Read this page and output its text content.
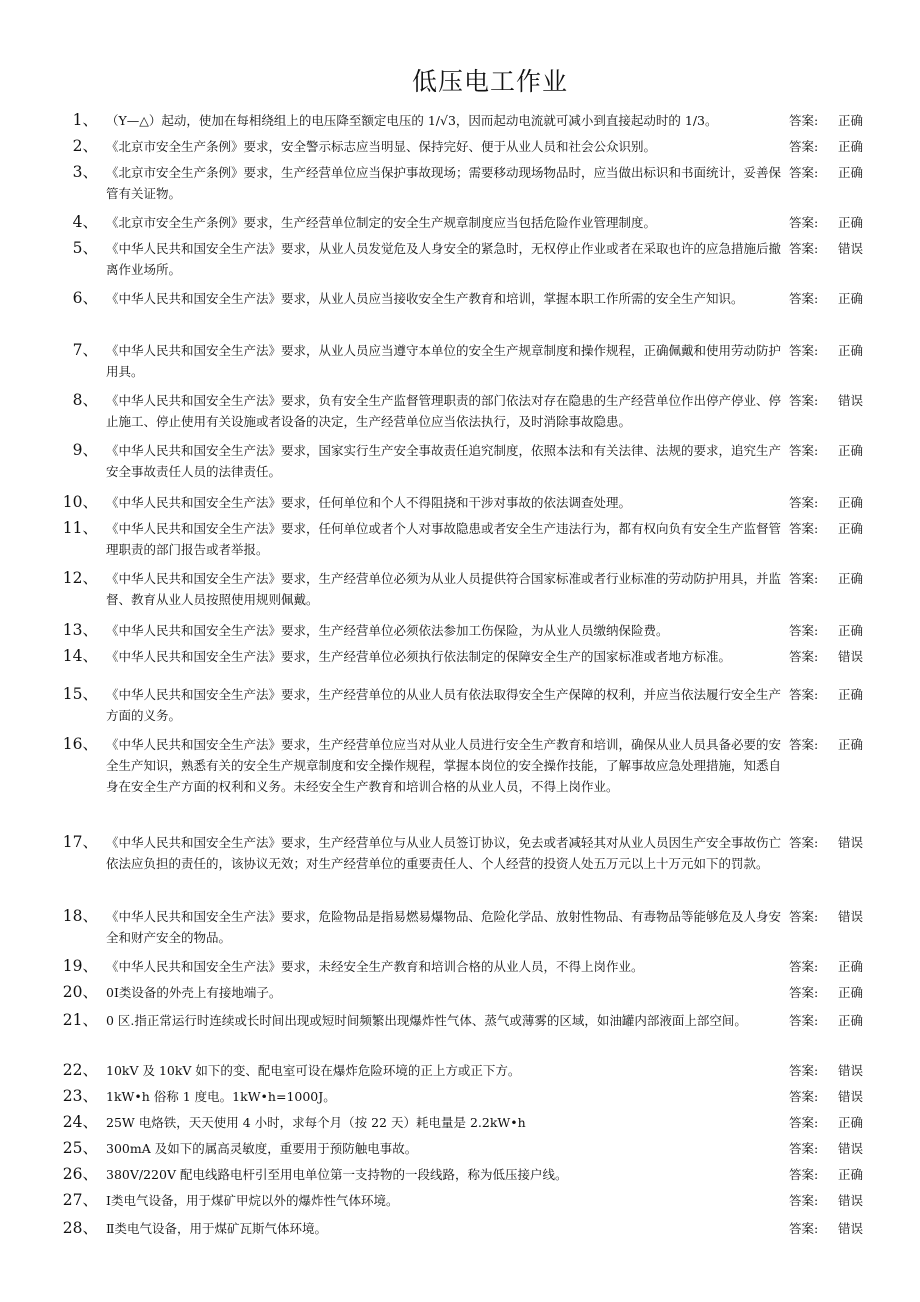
低压电工作业
1、 （Y—△）起动，使加在每相绕组上的电压降至额定电压的 1/√3，因而起动电流就可减小到直接起动时的 1/3。	答案: 正确
2、 《北京市安全生产条例》要求，安全警示标志应当明显、保持完好、便于从业人员和社会公众识别。	答案: 正确
3、 《北京市安全生产条例》要求，生产经营单位应当保护事故现场；需要移动现场物品时，应当做出标识和书面统计，妥善保管有关证物。
答案: 正确
4、 《北京市安全生产条例》要求，生产经营单位制定的安全生产规章制度应当包括危险作业管理制度。	答案: 正确
5、 《中华人民共和国安全生产法》要求，从业人员发觉危及人身安全的紧急时，无权停止作业或者在采取也许的应急措施后撤离作业场所。
答案: 错误
6、 《中华人民共和国安全生产法》要求，从业人员应当接收安全生产教育和培训，掌握本职工作所需的安全生产知识。	答案: 正确
7、 《中华人民共和国安全生产法》要求，从业人员应当遵守本单位的安全生产规章制度和操作规程，正确佩戴和使用劳动防护用具。
答案: 正确
8、 《中华人民共和国安全生产法》要求，负有安全生产监督管理职责的部门依法对存在隐患的生产经营单位作出停产停业、停止施工、停止使用有关设施或者设备的决定，生产经营单位应当依法执行，及时消除事故隐患。
答案: 错误
9、 《中华人民共和国安全生产法》要求，国家实行生产安全事故责任追究制度，依照本法和有关法律、法规的要求，追究生产安全事故责任人员的法律责任。
答案: 正确
10、 《中华人民共和国安全生产法》要求，任何单位和个人不得阻挠和干涉对事故的依法调查处理。	答案: 正确
11、 《中华人民共和国安全生产法》要求，任何单位或者个人对事故隐患或者安全生产违法行为，都有权向负有安全生产监督管理职责的部门报告或者举报。
答案: 正确
12、 《中华人民共和国安全生产法》要求，生产经营单位必须为从业人员提供符合国家标准或者行业标准的劳动防护用具，并监督、教育从业人员按照使用规则佩戴。
答案: 正确
13、 《中华人民共和国安全生产法》要求，生产经营单位必须依法参加工伤保险，为从业人员缴纳保险费。	答案: 正确
14、 《中华人民共和国安全生产法》要求，生产经营单位必须执行依法制定的保障安全生产的国家标准或者地方标准。	答案: 错误
15、 《中华人民共和国安全生产法》要求，生产经营单位的从业人员有依法取得安全生产保障的权利，并应当依法履行安全生产方面的义务。
答案: 正确
16、 《中华人民共和国安全生产法》要求，生产经营单位应当对从业人员进行安全生产教育和培训，确保从业人员具备必要的安全生产知识，熟悉有关的安全生产规章制度和安全操作规程，掌握本岗位的安全操作技能，了解事故应急处理措施，知悉自身在安全生产方面的权利和义务。未经安全生产教育和培训合格的从业人员，不得上岗作业。
答案: 正确
17、 《中华人民共和国安全生产法》要求，生产经营单位与从业人员签订协议，免去或者减轻其对从业人员因生产安全事故伤亡依法应负担的责任的，该协议无效；对生产经营单位的重要责任人、个人经营的投资人处五万元以上十万元如下的罚款。
答案: 错误
18、 《中华人民共和国安全生产法》要求，危险物品是指易燃易爆物品、危险化学品、放射性物品、有毒物品等能够危及人身安全和财产安全的物品。
答案: 错误
19、 《中华人民共和国安全生产法》要求，未经安全生产教育和培训合格的从业人员，不得上岗作业。	答案: 正确
20、 0Ⅰ类设备的外壳上有接地端子。	答案: 正确
21、 0 区.指正常运行时连续或长时间出现或短时间频繁出现爆炸性气体、蒸气或薄雾的区域，如油罐内部液面上部空间。	答案: 正确
22、 10kV 及 10kV 如下的变、配电室可设在爆炸危险环境的正上方或正下方。	答案: 错误
23、 1kW•h 俗称 1 度电。1kW•h=1000J。	答案: 错误
24、 25W 电烙铁，天天使用 4 小时，求每个月（按 22 天）耗电量是 2.2kW•h	答案: 正确
25、 300mA 及如下的属高灵敏度，重要用于预防触电事故。	答案: 错误
26、 380V/220V 配电线路电杆引至用电单位第一支持物的一段线路，称为低压接户线。	答案: 正确
27、 Ⅰ类电气设备，用于煤矿甲烷以外的爆炸性气体环境。	答案: 错误
28、 Ⅱ类电气设备，用于煤矿瓦斯气体环境。	答案: 错误
